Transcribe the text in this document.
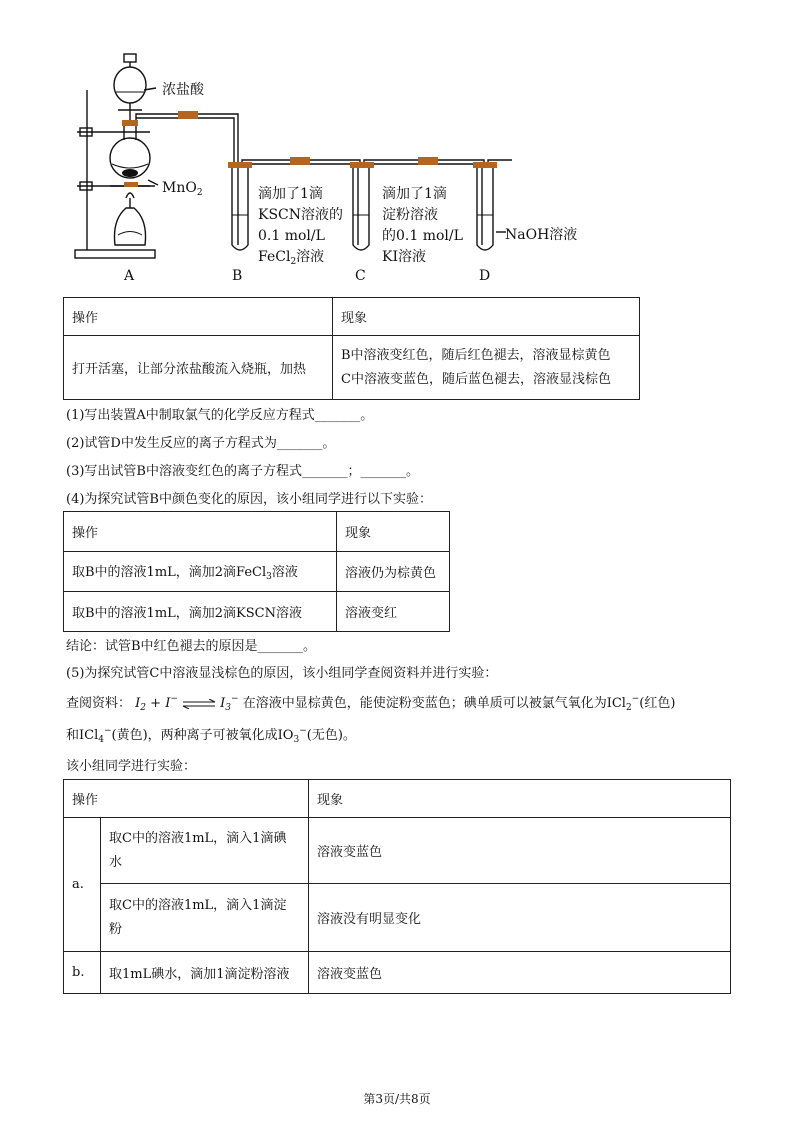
浓盐酸
MnO$_2$	滴加了1滴
KSCN溶液的
0.1 mol/L
FeCl$_2$溶液
滴加了1滴
淀粉溶液
的0.1 mol/L
KI溶液
NaOH溶液
A	B	C	D
操作	现象
打开活塞，让部分浓盐酸流入烧瓶，加热	B中溶液变红色，随后红色褪去，溶液显棕黄色
C中溶液变蓝色，随后蓝色褪去，溶液显浅棕色
(1)写出装置A中制取氯气的化学反应方程式_______。
(2)试管D中发生反应的离子方程式为_______。
(3)写出试管B中溶液变红色的离子方程式_______；_______。
(4)为探究试管B中颜色变化的原因，该小组同学进行以下实验：
操作	现象
取B中的溶液1mL，滴加2滴FeCl$_3$溶液	溶液仍为棕黄色
取B中的溶液1mL，滴加2滴KSCN溶液	溶液变红
结论：试管B中红色褪去的原因是_______。
(5)为探究试管C中溶液显浅棕色的原因，该小组同学查阅资料并进行实验：
查阅资料： $I_2 + I^-$ ⇌ $I_3^-$ 在溶液中显棕黄色，能使淀粉变蓝色；碘单质可以被氯气氧化为ICl$_2$−(红色)
和ICl$_4$−(黄色)，两种离子可被氧化成$IO_3^-$(无色)。
该小组同学进行实验：
操作		现象
a.	取C中的溶液1mL，滴入1滴碘
水	溶液变蓝色

	取C中的溶液1mL，滴入1滴淀
粉	溶液没有明显变化
b.	取1mL碘水，滴加1滴淀粉溶液	溶液变蓝色
第3页/共8页
